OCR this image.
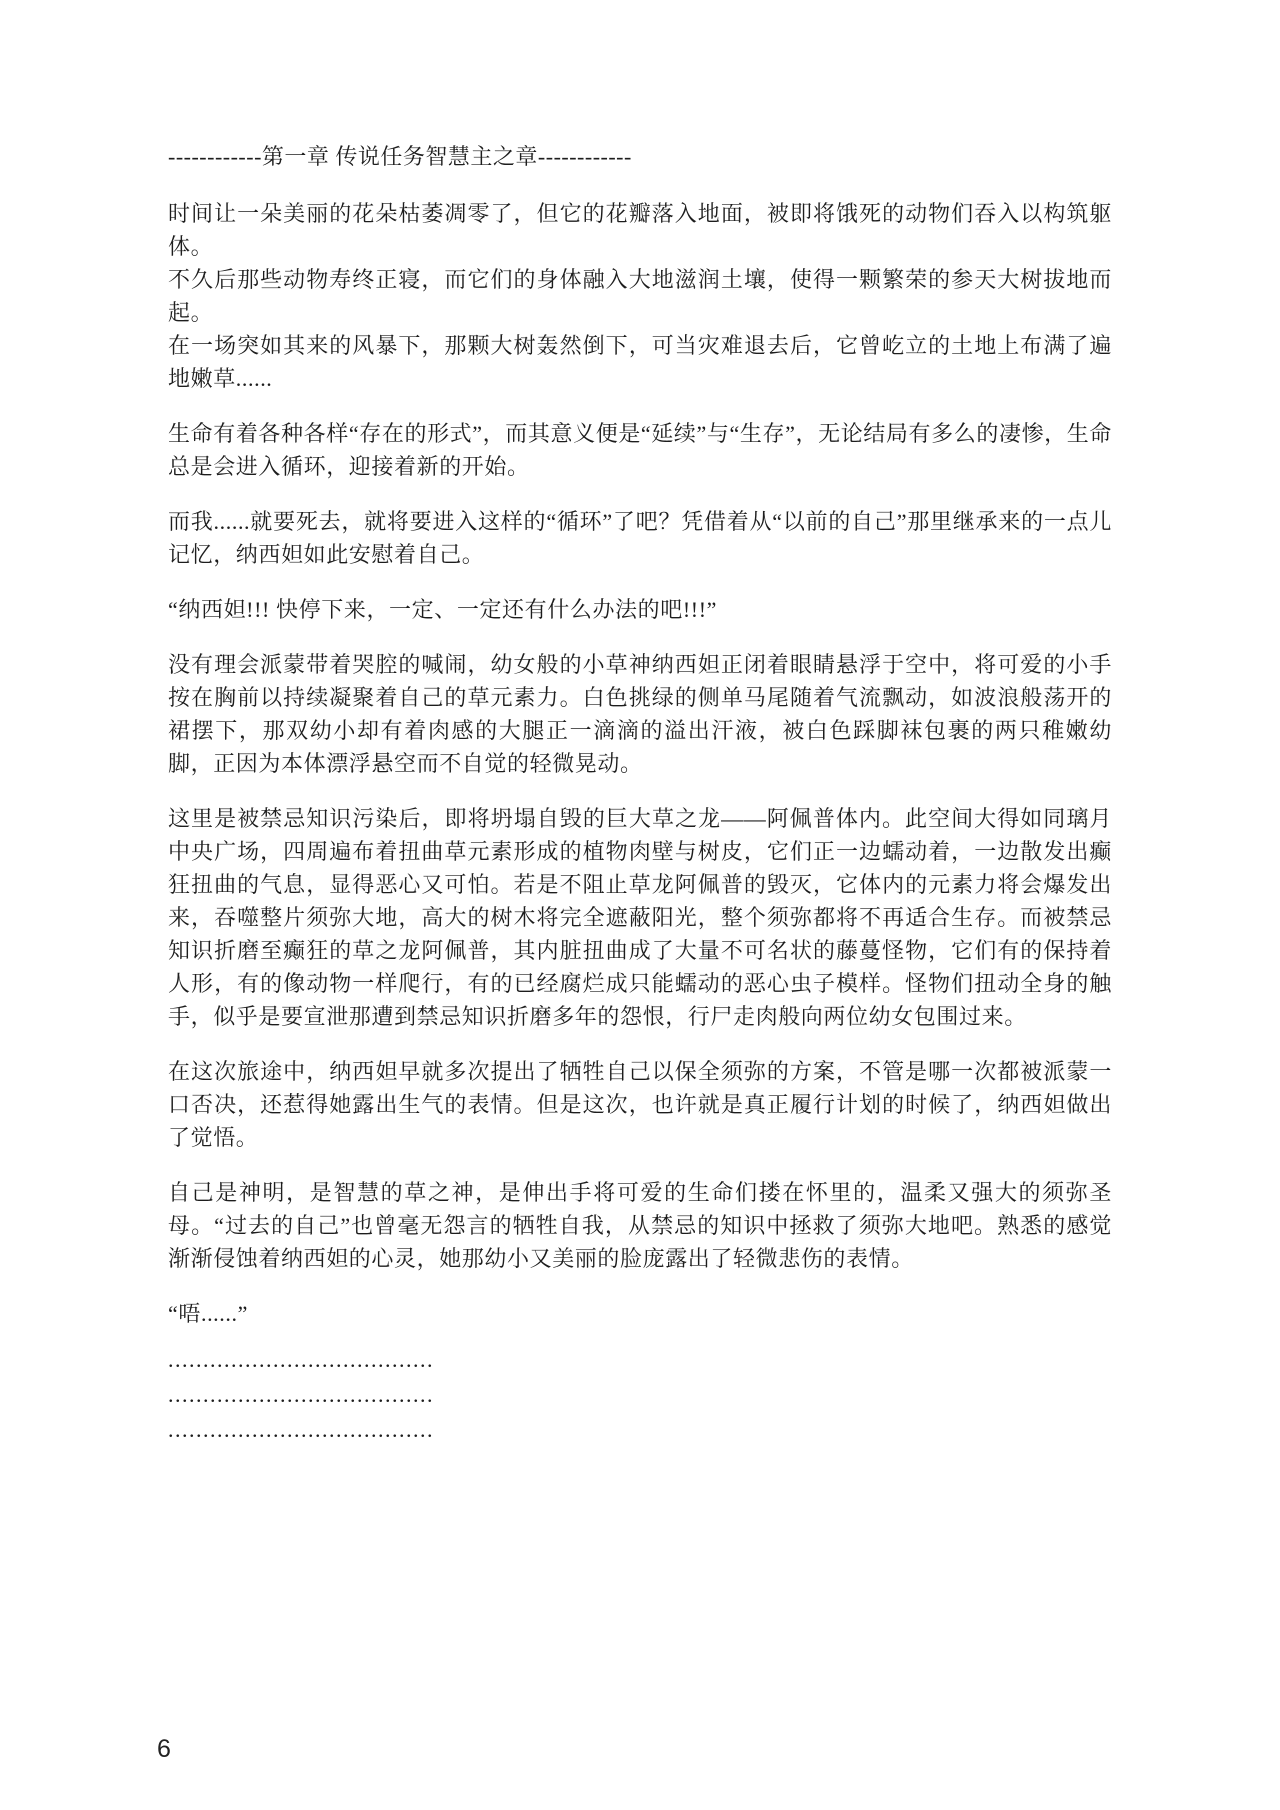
------------第一章 传说任务智慧主之章------------

时间让一朵美丽的花朵枯萎凋零了，但它的花瓣落入地面，被即将饿死的动物们吞入以构筑躯体。

不久后那些动物寿终正寝，而它们的身体融入大地滋润土壤，使得一颗繁荣的参天大树拔地而起。

在一场突如其来的风暴下，那颗大树轰然倒下，可当灾难退去后，它曾屹立的土地上布满了遍地嫩草......

生命有着各种各样“存在的形式”，而其意义便是“延续”与“生存”，无论结局有多么的凄惨，生命总是会进入循环，迎接着新的开始。

而我......就要死去，就将要进入这样的“循环”了吧？凭借着从“以前的自己”那里继承来的一点儿记忆，纳西妲如此安慰着自己。

“纳西妲!!! 快停下来，一定、一定还有什么办法的吧!!!”

没有理会派蒙带着哭腔的喊闹，幼女般的小草神纳西妲正闭着眼睛悬浮于空中，将可爱的小手按在胸前以持续凝聚着自己的草元素力。白色挑绿的侧单马尾随着气流飘动，如波浪般荡开的裙摆下，那双幼小却有着肉感的大腿正一滴滴的溢出汗液，被白色踩脚袜包裹的两只稚嫩幼脚，正因为本体漂浮悬空而不自觉的轻微晃动。

这里是被禁忌知识污染后，即将坍塌自毁的巨大草之龙——阿佩普体内。此空间大得如同璃月中央广场，四周遍布着扭曲草元素形成的植物肉壁与树皮，它们正一边蠕动着，一边散发出癫狂扭曲的气息，显得恶心又可怕。若是不阻止草龙阿佩普的毁灭，它体内的元素力将会爆发出来，吞噬整片须弥大地，高大的树木将完全遮蔽阳光，整个须弥都将不再适合生存。而被禁忌知识折磨至癫狂的草之龙阿佩普，其内脏扭曲成了大量不可名状的藤蔓怪物，它们有的保持着人形，有的像动物一样爬行，有的已经腐烂成只能蠕动的恶心虫子模样。怪物们扭动全身的触手，似乎是要宣泄那遭到禁忌知识折磨多年的怨恨，行尸走肉般向两位幼女包围过来。

在这次旅途中，纳西妲早就多次提出了牺牲自己以保全须弥的方案，不管是哪一次都被派蒙一口否决，还惹得她露出生气的表情。但是这次，也许就是真正履行计划的时候了，纳西妲做出了觉悟。

自己是神明，是智慧的草之神，是伸出手将可爱的生命们搂在怀里的，温柔又强大的须弥圣母。“过去的自己”也曾毫无怨言的牺牲自我，从禁忌的知识中拯救了须弥大地吧。熟悉的感觉渐渐侵蚀着纳西妲的心灵，她那幼小又美丽的脸庞露出了轻微悲伤的表情。

“唔......”

......................................

......................................

......................................

6
